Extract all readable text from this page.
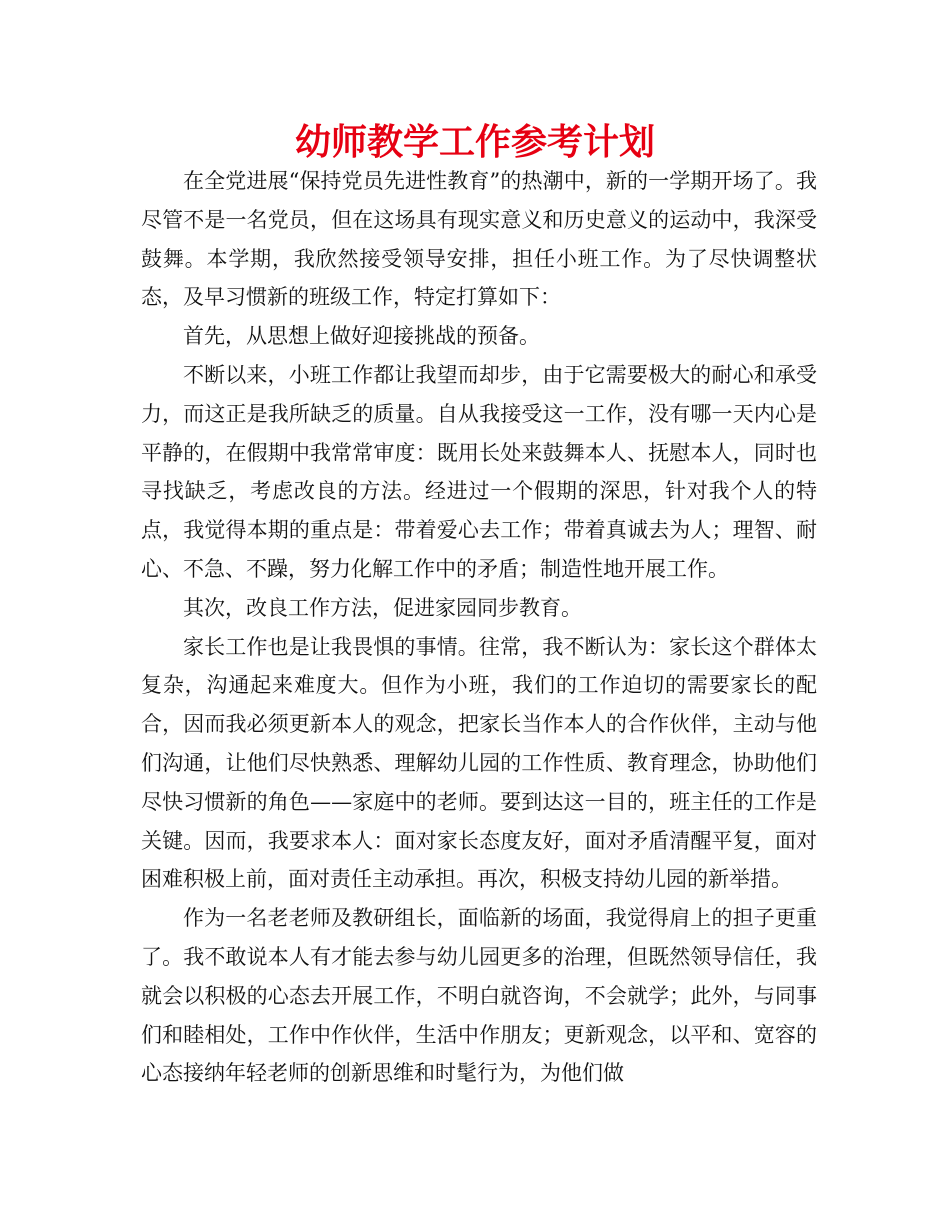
幼师教学工作参考计划

在全党进展“保持党员先进性教育”的热潮中，新的一学期开场了。我尽管不是一名党员，但在这场具有现实意义和历史意义的运动中，我深受鼓舞。本学期，我欣然接受领导安排，担任小班工作。为了尽快调整状态，及早习惯新的班级工作，特定打算如下：

首先，从思想上做好迎接挑战的预备。

不断以来，小班工作都让我望而却步，由于它需要极大的耐心和承受力，而这正是我所缺乏的质量。自从我接受这一工作，没有哪一天内心是平静的，在假期中我常常审度：既用长处来鼓舞本人、抚慰本人，同时也寻找缺乏，考虑改良的方法。经进过一个假期的深思，针对我个人的特点，我觉得本期的重点是：带着爱心去工作；带着真诚去为人；理智、耐心、不急、不躁，努力化解工作中的矛盾；制造性地开展工作。

其次，改良工作方法，促进家园同步教育。

家长工作也是让我畏惧的事情。往常，我不断认为：家长这个群体太复杂，沟通起来难度大。但作为小班，我们的工作迫切的需要家长的配合，因而我必须更新本人的观念，把家长当作本人的合作伙伴，主动与他们沟通，让他们尽快熟悉、理解幼儿园的工作性质、教育理念，协助他们尽快习惯新的角色——家庭中的老师。要到达这一目的，班主任的工作是关键。因而，我要求本人：面对家长态度友好，面对矛盾清醒平复，面对困难积极上前，面对责任主动承担。再次，积极支持幼儿园的新举措。

作为一名老老师及教研组长，面临新的场面，我觉得肩上的担子更重了。我不敢说本人有才能去参与幼儿园更多的治理，但既然领导信任，我就会以积极的心态去开展工作，不明白就咨询，不会就学；此外，与同事们和睦相处，工作中作伙伴，生活中作朋友；更新观念，以平和、宽容的心态接纳年轻老师的创新思维和时髦行为，为他们做
